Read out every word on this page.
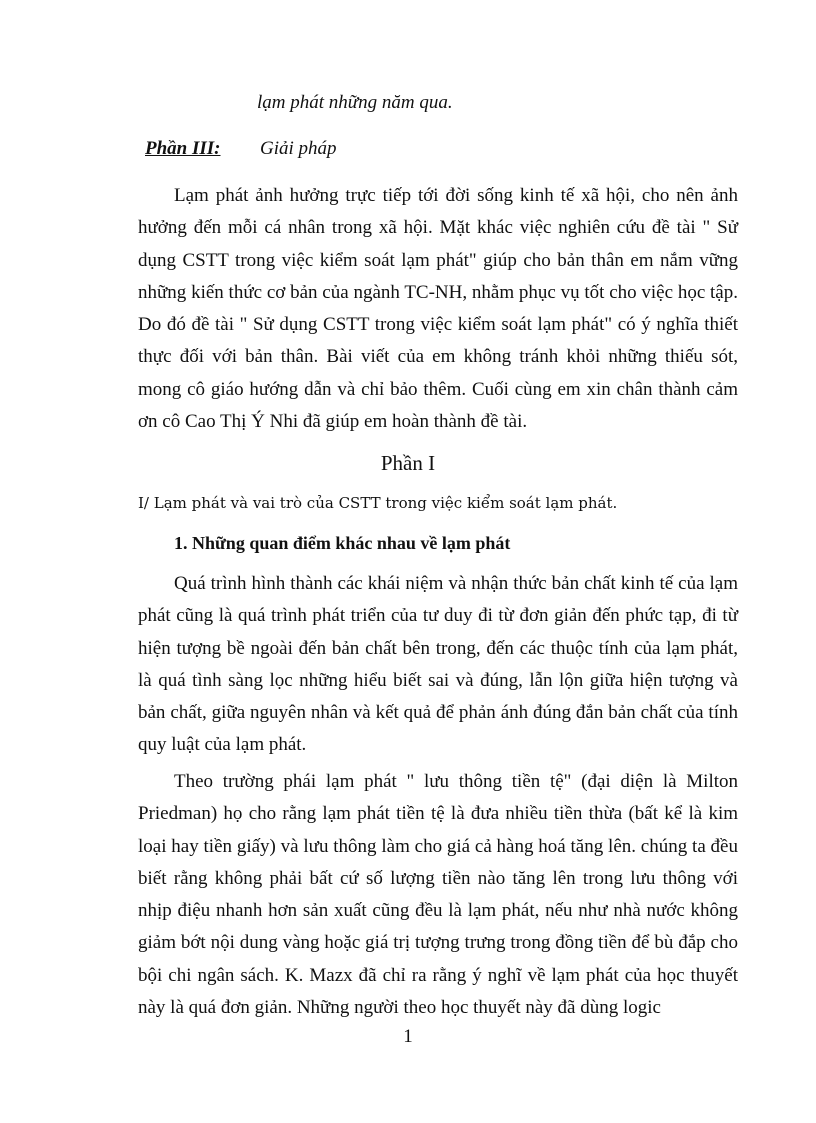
lạm phát những năm qua.
Phần III: Giải pháp
Lạm phát ảnh hưởng trực tiếp tới đời sống kinh tế xã hội, cho nên ảnh hưởng đến mỗi cá nhân trong xã hội. Mặt khác việc nghiên cứu đề tài " Sử dụng CSTT trong việc kiểm soát lạm phát" giúp cho bản thân em nắm vững những kiến thức cơ bản của ngành TC-NH, nhằm phục vụ tốt cho việc học tập. Do đó đề tài " Sử dụng CSTT trong việc kiểm soát lạm phát" có ý nghĩa thiết thực đối với bản thân. Bài viết của em không tránh khỏi những thiếu sót, mong cô giáo hướng dẫn và chỉ bảo thêm. Cuối cùng em xin chân thành cảm ơn cô Cao Thị Ý Nhi đã giúp em hoàn thành đề tài.
Phần I
I/ Lạm phát và vai trò của CSTT trong việc kiểm soát lạm phát.
1. Những quan điểm khác nhau về lạm phát
Quá trình hình thành các khái niệm và nhận thức bản chất kinh tế của lạm phát cũng là quá trình phát triển của tư duy đi từ đơn giản đến phức tạp, đi từ hiện tượng bề ngoài đến bản chất bên trong, đến các thuộc tính của lạm phát, là quá tình sàng lọc những hiểu biết sai và đúng, lẫn lộn giữa hiện tượng và bản chất, giữa nguyên nhân và kết quả để phản ánh đúng đắn bản chất của tính quy luật của lạm phát.
Theo trường phái lạm phát " lưu thông tiền tệ" (đại diện là Milton Priedman) họ cho rằng lạm phát tiền tệ là đưa nhiều tiền thừa (bất kể là kim loại hay tiền giấy) và lưu thông làm cho giá cả hàng hoá tăng lên. chúng ta đều biết rằng không phải bất cứ số lượng tiền nào tăng lên trong lưu thông với nhịp điệu nhanh hơn sản xuất cũng đều là lạm phát, nếu như nhà nước không giảm bớt nội dung vàng hoặc giá trị tượng trưng trong đồng tiền để bù đắp cho bội chi ngân sách. K. Mazx đã chỉ ra rằng ý nghĩ về lạm phát của học thuyết này là quá đơn giản. Những người theo học thuyết này đã dùng logic
1
